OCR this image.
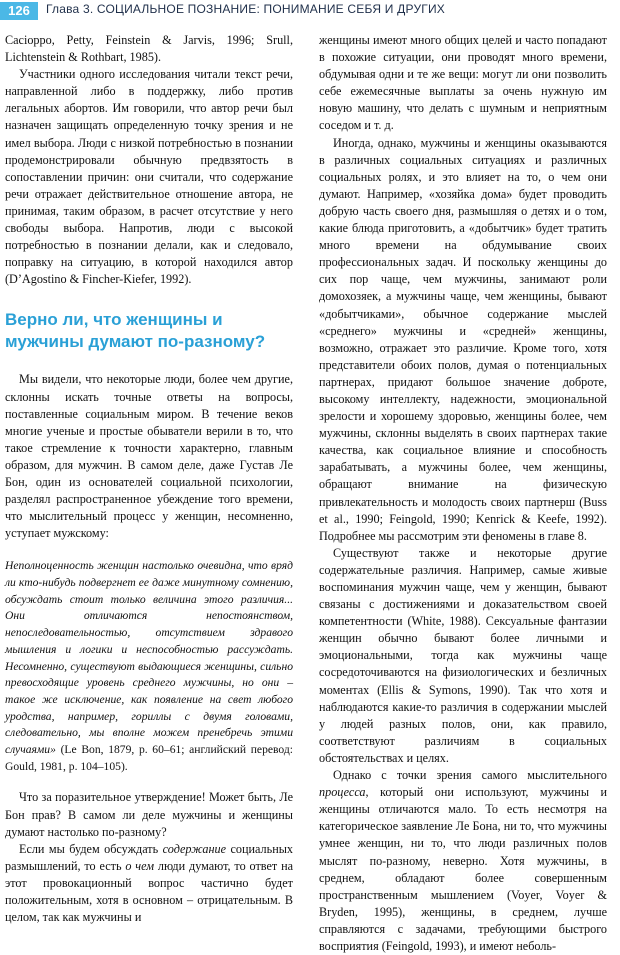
126	Глава 3. СОЦИАЛЬНОЕ ПОЗНАНИЕ: ПОНИМАНИЕ СЕБЯ И ДРУГИХ

Cacioppo, Petty, Feinstein & Jarvis, 1996; Srull, Lichtenstein & Rothbart, 1985).

Участники одного исследования читали текст речи, направленной либо в поддержку, либо против легальных абортов. Им говорили, что автор речи был назначен защищать определенную точку зрения и не имел выбора. Люди с низкой потребностью в познании продемонстрировали обычную предвзятость в сопоставлении причин: они считали, что содержание речи отражает действительное отношение автора, не принимая, таким образом, в расчет отсутствие у него свободы выбора. Напротив, люди с высокой потребностью в познании делали, как и следовало, поправку на ситуацию, в которой находился автор (D’Agostino & Fincher-Kiefer, 1992).

Верно ли, что женщины и мужчины думают по-разному?

Мы видели, что некоторые люди, более чем другие, склонны искать точные ответы на вопросы, поставленные социальным миром. В течение веков многие ученые и простые обыватели верили в то, что такое стремление к точности характерно, главным образом, для мужчин. В самом деле, даже Густав Ле Бон, один из основателей социальной психологии, разделял распространенное убеждение того времени, что мыслительный процесс у женщин, несомненно, уступает мужскому:

Неполноценность женщин настолько очевидна, что вряд ли кто-нибудь подвергнет ее даже минутному сомнению, обсуждать стоит только величина этого различия... Они отличаются непостоянством, непоследовательностью, отсутствием здравого мышления и логики и неспособностью рассуждать. Несомненно, существуют выдающиеся женщины, сильно превосходящие уровень среднего мужчины, но они – такое же исключение, как появление на свет любого уродства, например, гориллы с двумя головами, следовательно, мы вполне можем пренебречь этими случаями» (Le Bon, 1879, p. 60–61; английский перевод: Gould, 1981, p. 104–105).

Что за поразительное утверждение! Может быть, Ле Бон прав? В самом ли деле мужчины и женщины думают настолько по-разному?

Если мы будем обсуждать содержание социальных размышлений, то есть о чем люди думают, то ответ на этот провокационный вопрос частично будет положительным, хотя в основном – отрицательным. В целом, так как мужчины и

женщины имеют много общих целей и часто попадают в похожие ситуации, они проводят много времени, обдумывая одни и те же вещи: могут ли они позволить себе ежемесячные выплаты за очень нужную им новую машину, что делать с шумным и неприятным соседом и т. д.

Иногда, однако, мужчины и женщины оказываются в различных социальных ситуациях и различных социальных ролях, и это влияет на то, о чем они думают. Например, «хозяйка дома» будет проводить добрую часть своего дня, размышляя о детях и о том, какие блюда приготовить, а «добытчик» будет тратить много времени на обдумывание своих профессиональных задач. И поскольку женщины до сих пор чаще, чем мужчины, занимают роли домохозяек, а мужчины чаще, чем женщины, бывают «добытчиками», обычное содержание мыслей «среднего» мужчины и «средней» женщины, возможно, отражает это различие. Кроме того, хотя представители обоих полов, думая о потенциальных партнерах, придают большое значение доброте, высокому интеллекту, надежности, эмоциональной зрелости и хорошему здоровью, женщины более, чем мужчины, склонны выделять в своих партнерах такие качества, как социальное влияние и способность зарабатывать, а мужчины более, чем женщины, обращают внимание на физическую привлекательность и молодость своих партнерш (Buss et al., 1990; Feingold, 1990; Kenrick & Keefe, 1992). Подробнее мы рассмотрим эти феномены в главе 8.

Существуют также и некоторые другие содержательные различия. Например, самые живые воспоминания мужчин чаще, чем у женщин, бывают связаны с достижениями и доказательством своей компетентности (White, 1988). Сексуальные фантазии женщин обычно бывают более личными и эмоциональными, тогда как мужчины чаще сосредоточиваются на физиологических и безличных моментах (Ellis & Symons, 1990). Так что хотя и наблюдаются какие-то различия в содержании мыслей у людей разных полов, они, как правило, соответствуют различиям в социальных обстоятельствах и целях.

Однако с точки зрения самого мыслительного процесса, который они используют, мужчины и женщины отличаются мало. То есть несмотря на категорическое заявление Ле Бона, ни то, что мужчины умнее женщин, ни то, что люди различных полов мыслят по-разному, неверно. Хотя мужчины, в среднем, обладают более совершенным пространственным мышлением (Voyer, Voyer & Bryden, 1995), женщины, в среднем, лучше справляются с задачами, требующими быстрого восприятия (Feingold, 1993), и имеют неболь-
